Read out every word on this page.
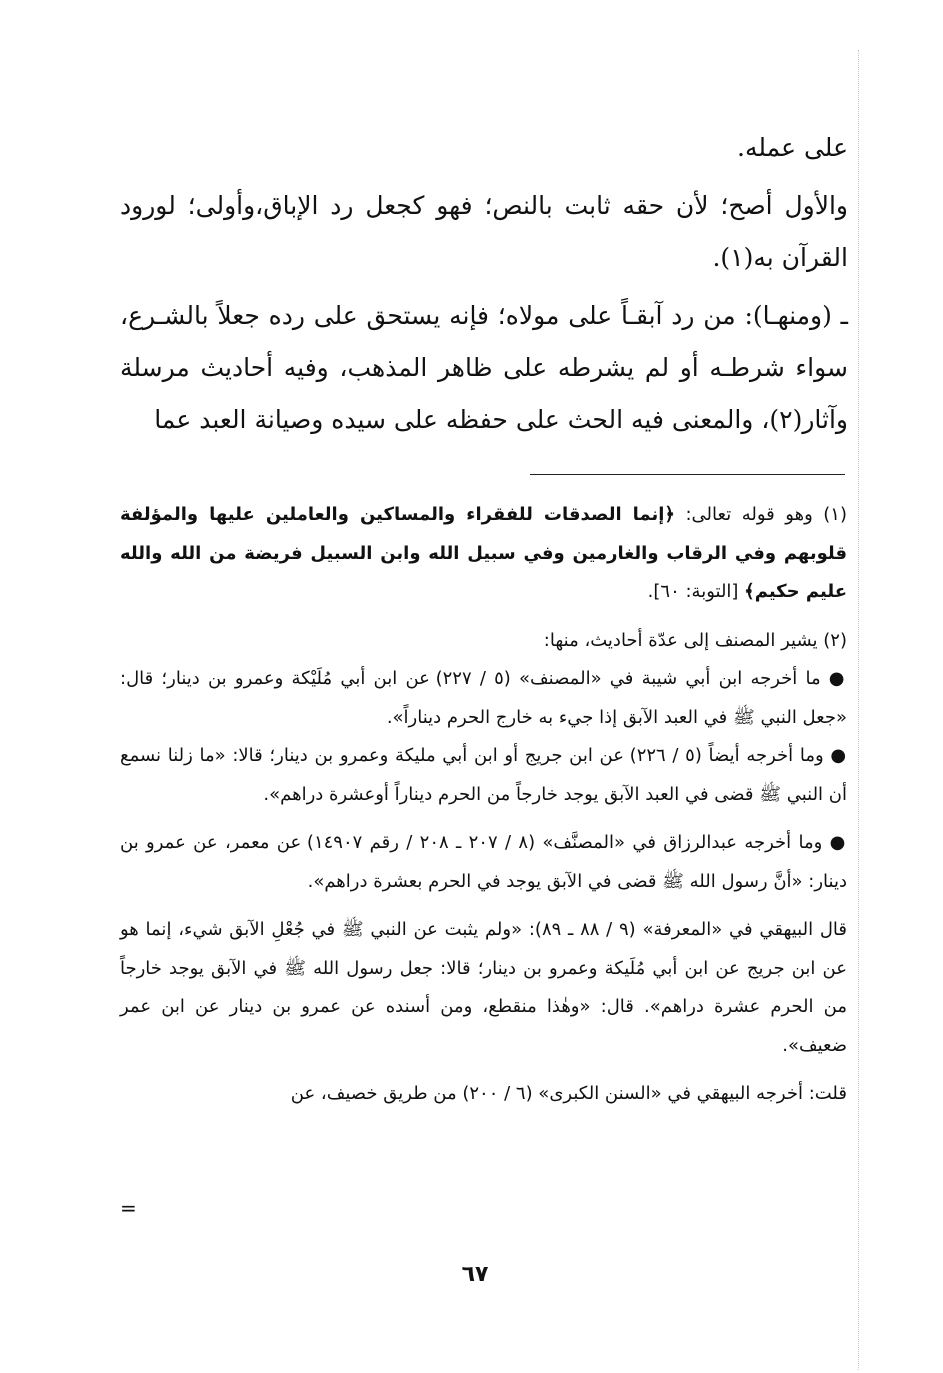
على عمله.

والأول أصح؛ لأن حقه ثابت بالنص؛ فهو كجعل رد الإباق،وأولى؛ لورود القرآن به(١).

ـ (ومنهـا): من رد آبقـاً على مولاه؛ فإنه يستحق على رده جعلاً بالشـرع، سواء شرطـه أو لم يشرطه على ظاهر المذهب، وفيه أحاديث مرسلة وآثار(٢)، والمعنى فيه الحث على حفظه على سيده وصيانة العبد عما

(١) وهو قوله تعالى: ﴿إنما الصدقات للفقراء والمساكين والعاملين عليها والمؤلفة قلوبهم وفي الرقاب والغارمين وفي سبيل الله وابن السبيل فريضة من الله والله عليم حكيم﴾ [التوبة: ٦٠].

(٢) يشير المصنف إلى عدّة أحاديث، منها:

● ما أخرجه ابن أبي شيبة في «المصنف» (٥ / ٢٢٧) عن ابن أبي مُلَيْكة وعمرو بن دينار؛ قال: «جعل النبي ﷺ في العبد الآبق إذا جيء به خارج الحرم ديناراً».

● وما أخرجه أيضاً (٥ / ٢٢٦) عن ابن جريج أو ابن أبي مليكة وعمرو بن دينار؛ قالا: «ما زلنا نسمع أن النبي ﷺ قضى في العبد الآبق يوجد خارجاً من الحرم ديناراً أوعشرة دراهم».

● وما أخرجه عبدالرزاق في «المصنَّف» (٨ / ٢٠٧ ـ ٢٠٨ / رقم ١٤٩٠٧) عن معمر، عن عمرو بن دينار: «أنَّ رسول الله ﷺ قضى في الآبق يوجد في الحرم بعشرة دراهم».

قال البيهقي في «المعرفة» (٩ / ٨٨ ـ ٨٩): «ولم يثبت عن النبي ﷺ في جُعْلِ الآبق شيء، إنما هو عن ابن جريج عن ابن أبي مُلَيكة وعمرو بن دينار؛ قالا: جعل رسول الله ﷺ في الآبق يوجد خارجاً من الحرم عشرة دراهم». قال: «وهٰذا منقطع، ومن أسنده عن عمرو بن دينار عن ابن عمر ضعيف».

قلت: أخرجه البيهقي في «السنن الكبرى» (٦ / ٢٠٠) من طريق خصيف، عن

=
٦٧
